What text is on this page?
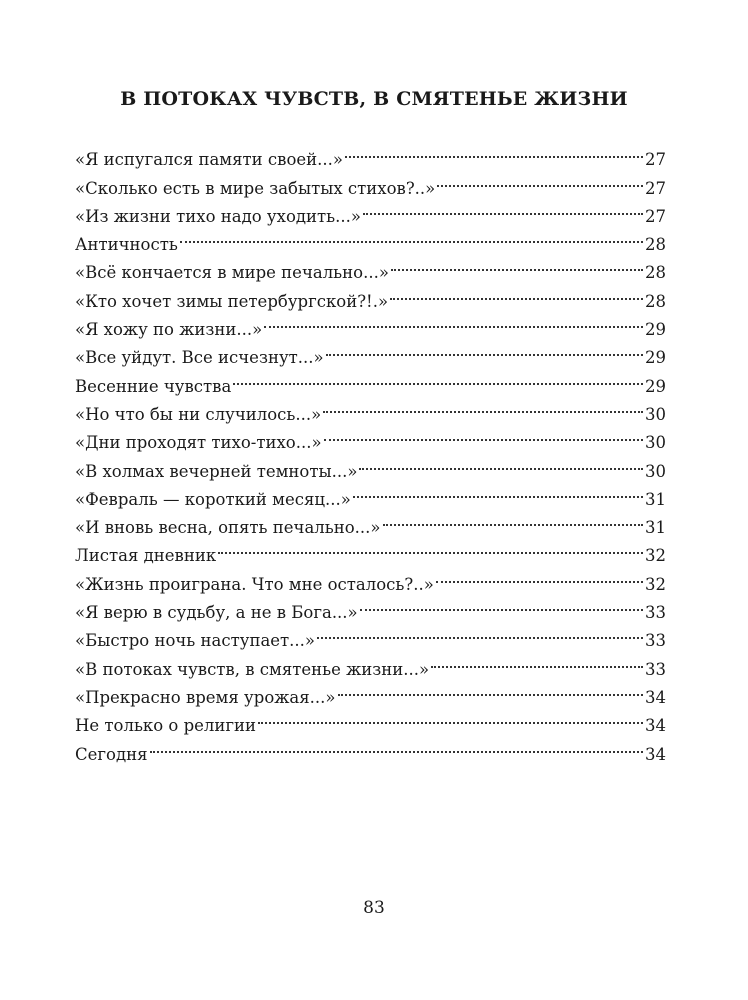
В ПОТОКАХ ЧУВСТВ, В СМЯТЕНЬЕ ЖИЗНИ
«Я испугался памяти своей...»	27
«Сколько есть в мире забытых стихов?..»	27
«Из жизни тихо надо уходить...»	27
Античность	28
«Всё кончается в мире печально...»	28
«Кто хочет зимы петербургской?!.»	28
«Я хожу по жизни...»	29
«Все уйдут. Все исчезнут...»	29
Весенние чувства	29
«Но что бы ни случилось...»	30
«Дни проходят тихо-тихо...»	30
«В холмах вечерней темноты...»	30
«Февраль — короткий месяц...»	31
«И вновь весна, опять печально...»	31
Листая дневник	32
«Жизнь проиграна. Что мне осталось?..»	32
«Я верю в судьбу, а не в Бога...»	33
«Быстро ночь наступает...»	33
«В потоках чувств, в смятенье жизни...»	33
«Прекрасно время урожая...»	34
Не только о религии	34
Сегодня	34
83
